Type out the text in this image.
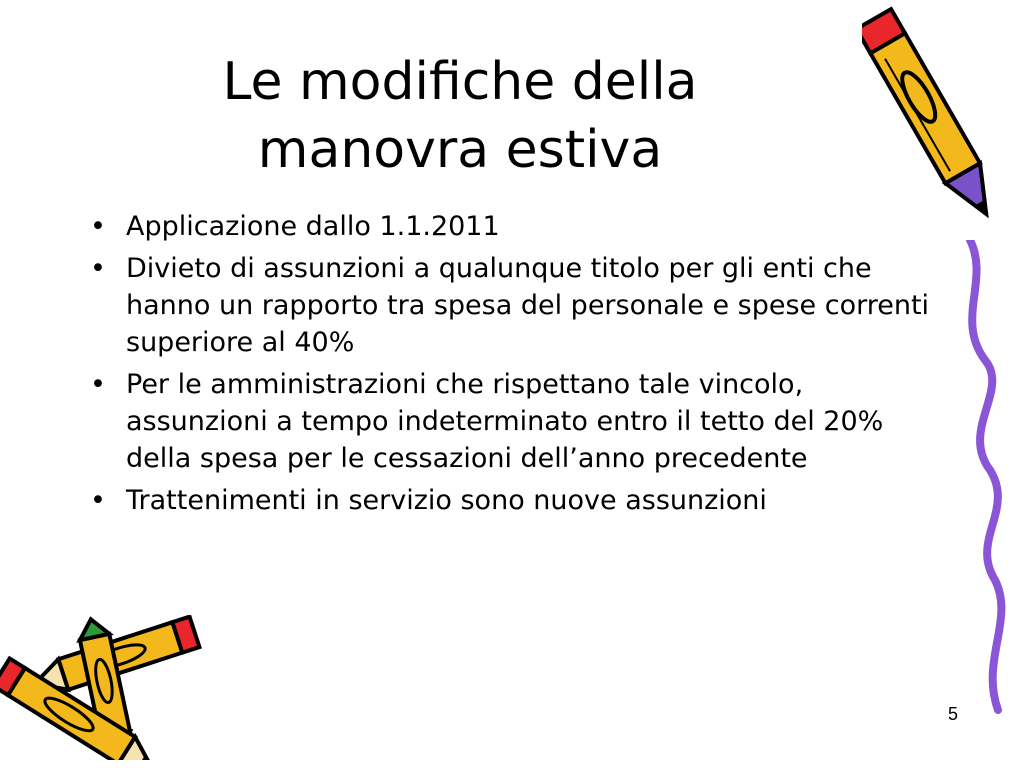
Le modifiche della
manovra estiva
• Applicazione dallo 1.1.2011
• Divieto di assunzioni a qualunque titolo per gli enti che hanno un rapporto tra spesa del personale e spese correnti superiore al 40%
• Per le amministrazioni che rispettano tale vincolo, assunzioni a tempo indeterminato entro il tetto del 20% della spesa per le cessazioni dell’anno precedente
• Trattenimenti in servizio sono nuove assunzioni
5
